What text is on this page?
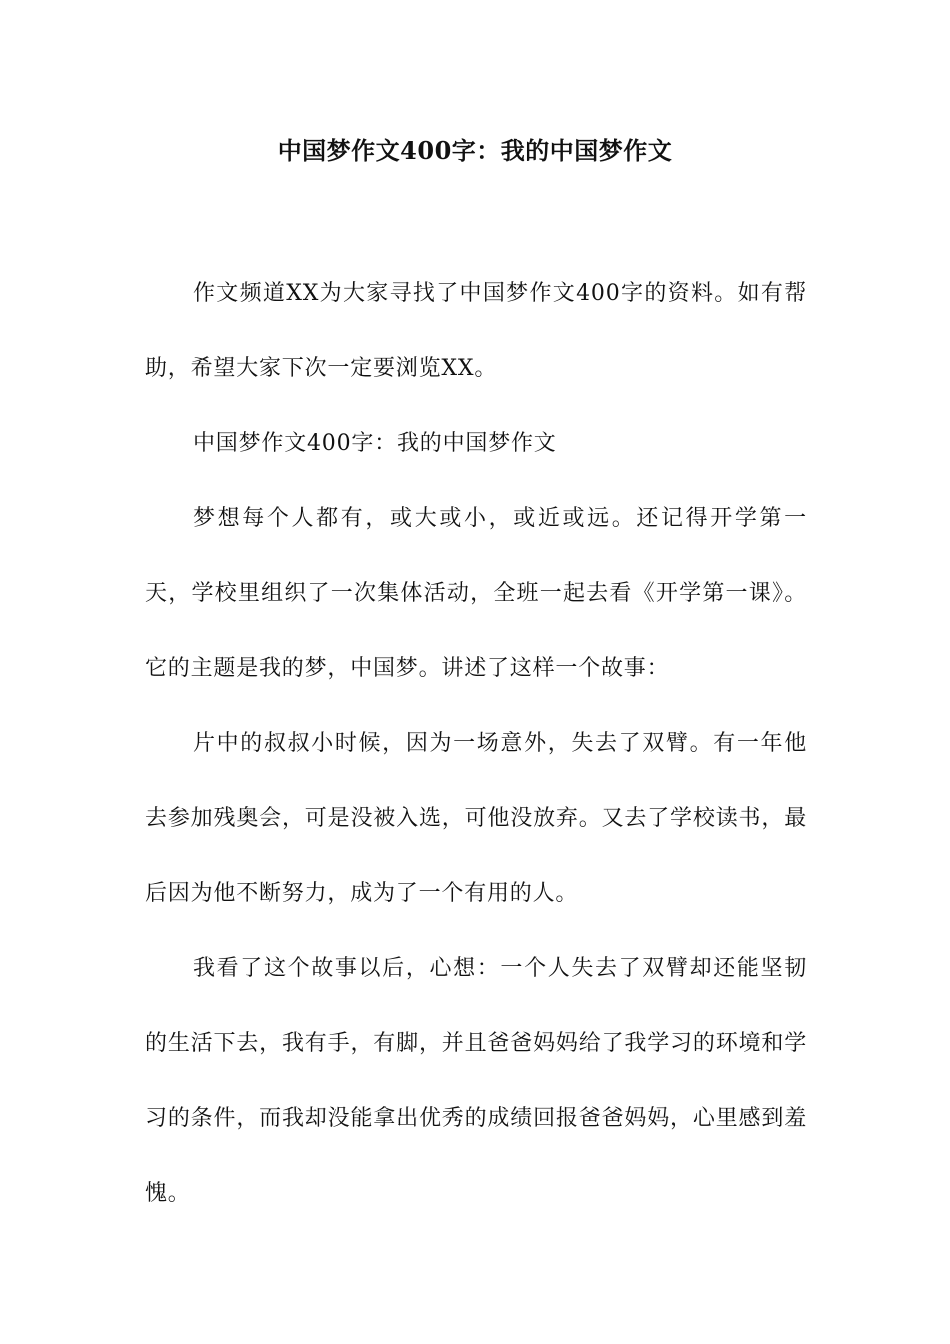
中国梦作文400字：我的中国梦作文

作文频道XX为大家寻找了中国梦作文400字的资料。如有帮助，希望大家下次一定要浏览XX。

中国梦作文400字：我的中国梦作文

梦想每个人都有，或大或小，或近或远。还记得开学第一天，学校里组织了一次集体活动，全班一起去看《开学第一课》。它的主题是我的梦，中国梦。讲述了这样一个故事：

片中的叔叔小时候，因为一场意外，失去了双臂。有一年他去参加残奥会，可是没被入选，可他没放弃。又去了学校读书，最后因为他不断努力，成为了一个有用的人。

我看了这个故事以后，心想：一个人失去了双臂却还能坚韧的生活下去，我有手，有脚，并且爸爸妈妈给了我学习的环境和学习的条件，而我却没能拿出优秀的成绩回报爸爸妈妈，心里感到羞愧。
